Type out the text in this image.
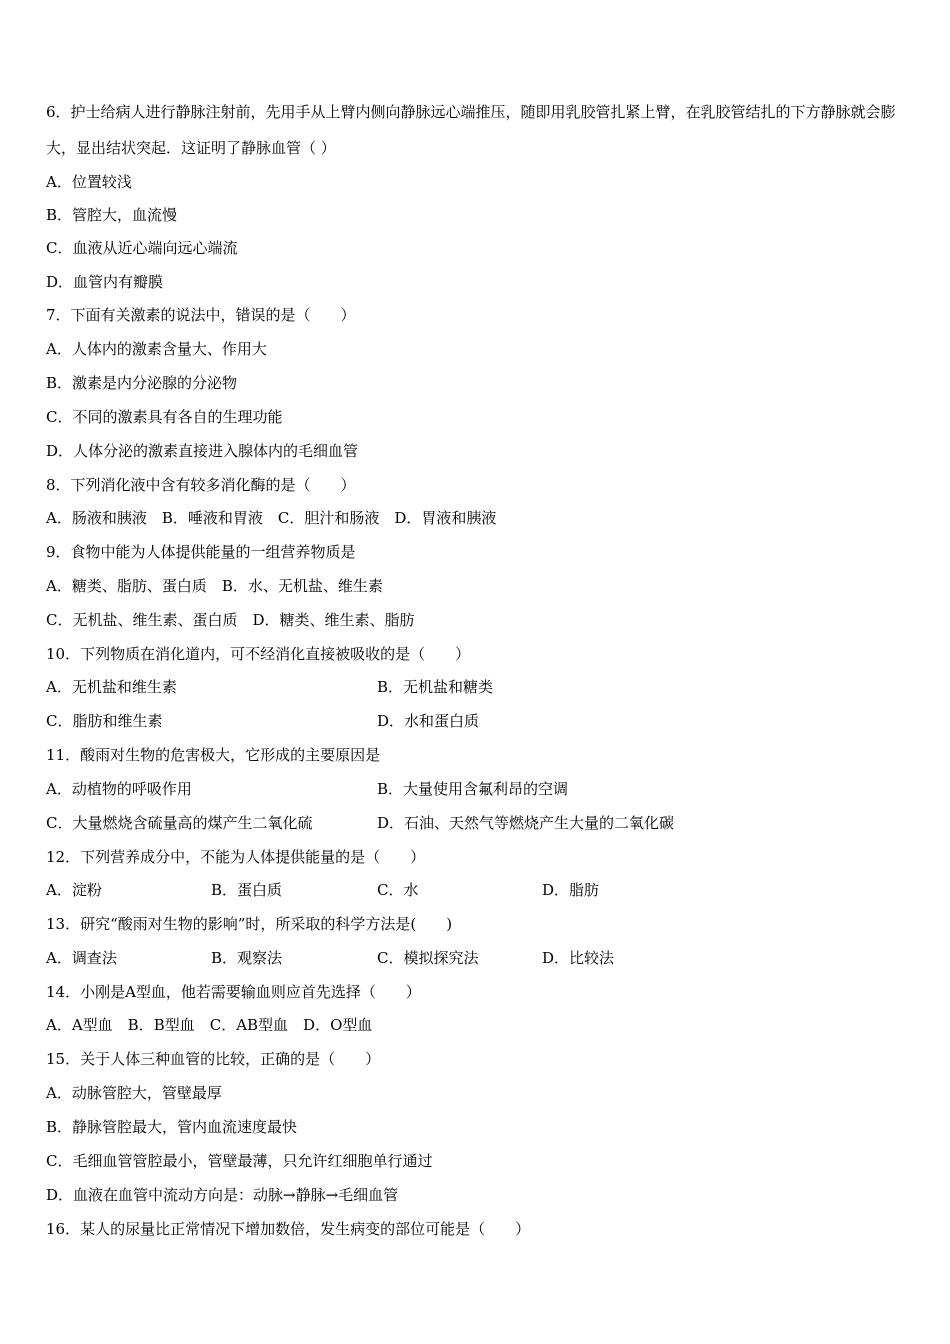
6．护士给病人进行静脉注射前，先用手从上臂内侧向静脉远心端推压，随即用乳胶管扎紧上臂，在乳胶管结扎的下方静脉就会膨大，显出结状突起．这证明了静脉血管（ ）
A．位置较浅
B．管腔大，血流慢
C．血液从近心端向远心端流
D．血管内有瓣膜
7．下面有关激素的说法中，错误的是（　　）
A．人体内的激素含量大、作用大
B．激素是内分泌腺的分泌物
C．不同的激素具有各自的生理功能
D．人体分泌的激素直接进入腺体内的毛细血管
8．下列消化液中含有较多消化酶的是（　　）
A．肠液和胰液　B．唾液和胃液　C．胆汁和肠液　D．胃液和胰液
9．食物中能为人体提供能量的一组营养物质是
A．糖类、脂肪、蛋白质　B．水、无机盐、维生素
C．无机盐、维生素、蛋白质　D．糖类、维生素、脂肪
10．下列物质在消化道内，可不经消化直接被吸收的是（　　）
A．无机盐和维生素	B．无机盐和糖类
C．脂肪和维生素	D．水和蛋白质
11．酸雨对生物的危害极大，它形成的主要原因是
A．动植物的呼吸作用	B．大量使用含氟利昂的空调
C．大量燃烧含硫量高的煤产生二氧化硫	D．石油、天然气等燃烧产生大量的二氧化碳
12．下列营养成分中，不能为人体提供能量的是（　　）
A．淀粉	B．蛋白质	C．水	D．脂肪
13．研究“酸雨对生物的影响”时，所采取的科学方法是(　　)
A．调查法	B．观察法	C．模拟探究法	D．比较法
14．小刚是A型血，他若需要输血则应首先选择（　　）
A．A型血　B．B型血　C．AB型血　D．O型血
15．关于人体三种血管的比较，正确的是（　　）
A．动脉管腔大，管壁最厚
B．静脉管腔最大，管内血流速度最快
C．毛细血管管腔最小，管壁最薄，只允许红细胞单行通过
D．血液在血管中流动方向是：动脉→静脉→毛细血管
16．某人的尿量比正常情况下增加数倍，发生病变的部位可能是（　　）
